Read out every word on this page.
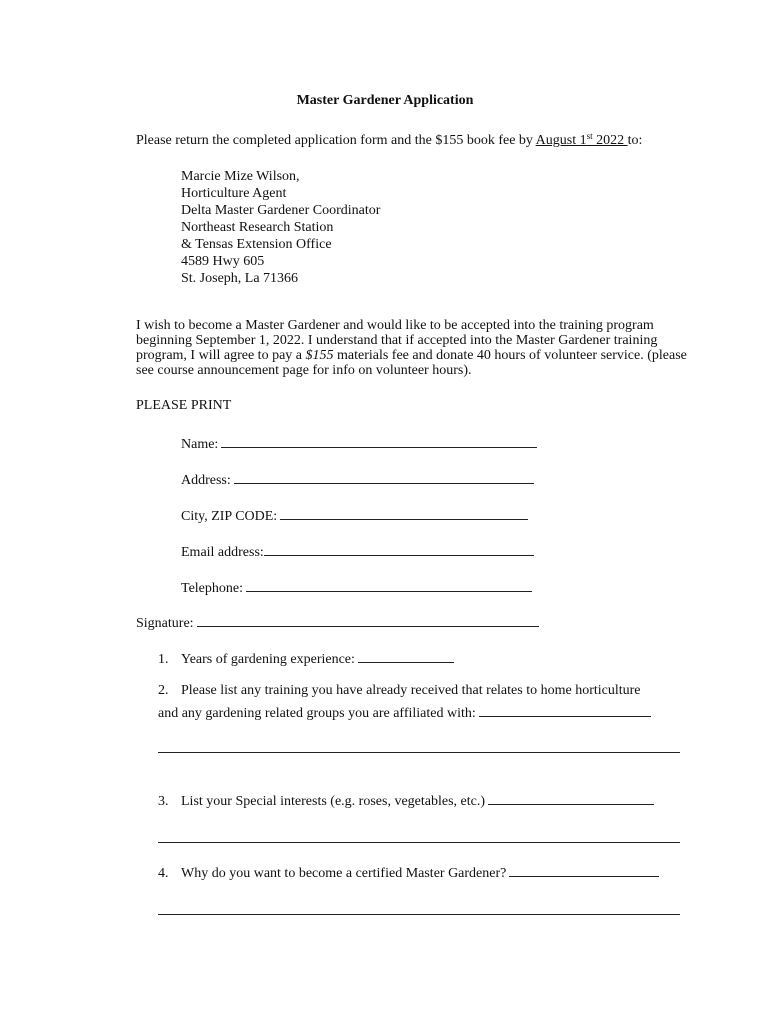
Master Gardener Application
Please return the completed application form and the $155 book fee by August 1st 2022 to:
Marcie Mize Wilson,
Horticulture Agent
Delta Master Gardener Coordinator
Northeast Research Station
& Tensas Extension Office
4589 Hwy 605
St. Joseph, La 71366
I wish to become a Master Gardener and would like to be accepted into the training program beginning September 1, 2022. I understand that if accepted into the Master Gardener training program, I will agree to pay a $155 materials fee and donate 40 hours of volunteer service. (please see course announcement page for info on volunteer hours).
PLEASE PRINT
Name:
Address:
City, ZIP CODE:
Email address:
Telephone:
Signature:
1. Years of gardening experience:
2. Please list any training you have already received that relates to home horticulture
and any gardening related groups you are affiliated with:
3. List your Special interests (e.g. roses, vegetables, etc.)
4. Why do you want to become a certified Master Gardener?
